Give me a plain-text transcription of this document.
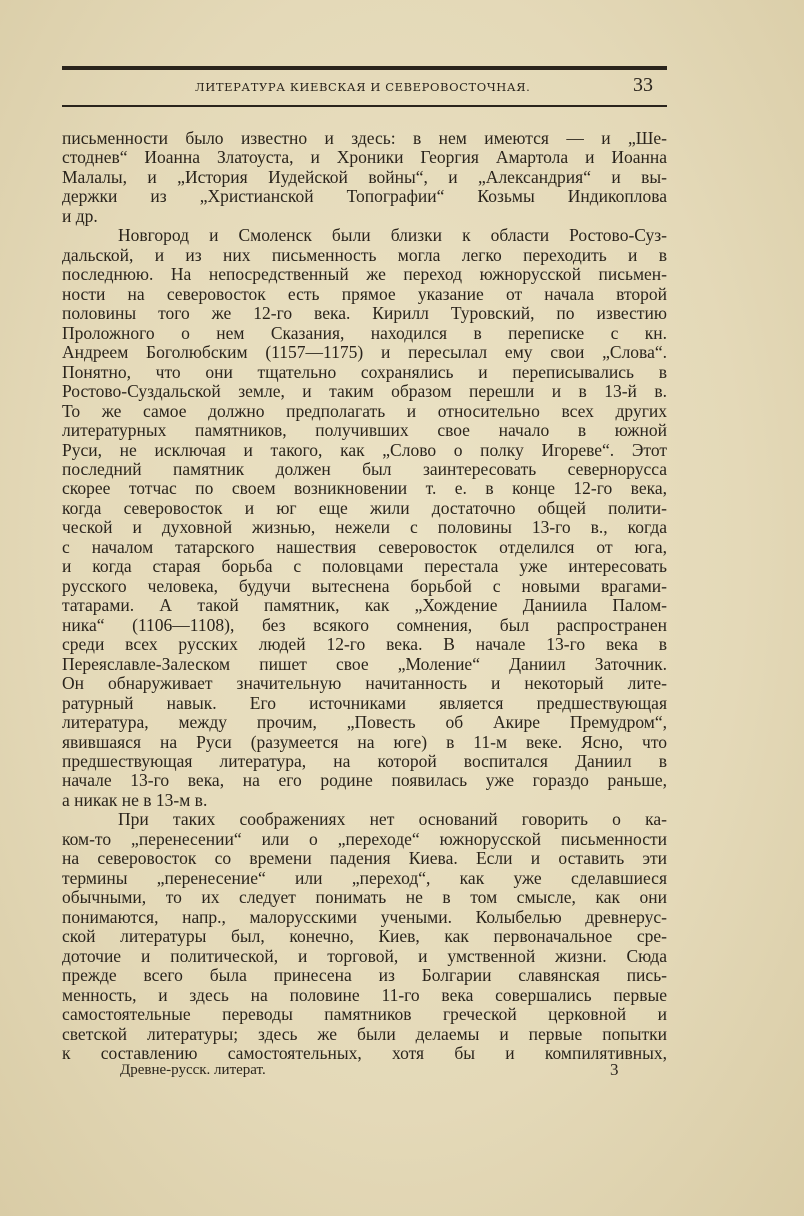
ЛИТЕРАТУРА КИЕВСКАЯ И СЕВЕРОВОСТОЧНАЯ.	33
письменности было известно и здесь: в нем имеются — и „Ше-
стоднев“ Иоанна Златоуста, и Хроники Георгия Амартола и Иоанна
Малалы, и „История Иудейской войны“, и „Александрия“ и вы-
держки из „Христианской Топографии“ Козьмы Индикоплова
и др.
Новгород и Смоленск были близки к области Ростово-Суз-
дальской, и из них письменность могла легко переходить и в
последнюю. На непосредственный же переход южнорусской письмен-
ности на северовосток есть прямое указание от начала второй
половины того же 12-го века. Кирилл Туровский, по известию
Проложного о нем Сказания, находился в переписке с кн.
Андреем Боголюбским (1157—1175) и пересылал ему свои „Слова“.
Понятно, что они тщательно сохранялись и переписывались в
Ростово-Суздальской земле, и таким образом перешли и в 13-й в.
То же самое должно предполагать и относительно всех других
литературных памятников, получивших свое начало в южной
Руси, не исключая и такого, как „Слово о полку Игореве“. Этот
последний памятник должен был заинтересовать севернорусса
скорее тотчас по своем возникновении т. е. в конце 12-го века,
когда северовосток и юг еще жили достаточно общей полити-
ческой и духовной жизнью, нежели с половины 13-го в., когда
с началом татарского нашествия северовосток отделился от юга,
и когда старая борьба с половцами перестала уже интересовать
русского человека, будучи вытеснена борьбой с новыми врагами-
татарами. А такой памятник, как „Хождение Даниила Палом-
ника“ (1106—1108), без всякого сомнения, был распространен
среди всех русских людей 12-го века. В начале 13-го века в
Переяславле-Залеском пишет свое „Моление“ Даниил Заточник.
Он обнаруживает значительную начитанность и некоторый лите-
ратурный навык. Его источниками является предшествующая
литература, между прочим, „Повесть об Акире Премудром“,
явившаяся на Руси (разумеется на юге) в 11-м веке. Ясно, что
предшествующая литература, на которой воспитался Даниил в
начале 13-го века, на его родине появилась уже гораздо раньше,
а никак не в 13-м в.
При таких соображениях нет оснований говорить о ка-
ком-то „перенесении“ или о „переходе“ южнорусской письменности
на северовосток со времени падения Киева. Если и оставить эти
термины „перенесение“ или „переход“, как уже сделавшиеся
обычными, то их следует понимать не в том смысле, как они
понимаются, напр., малорусскими учеными. Колыбелью древнерус-
ской литературы был, конечно, Киев, как первоначальное сре-
доточие и политической, и торговой, и умственной жизни. Сюда
прежде всего была принесена из Болгарии славянская пись-
менность, и здесь на половине 11-го века совершались первые
самостоятельные переводы памятников греческой церковной и
светской литературы; здесь же были делаемы и первые попытки
к составлению самостоятельных, хотя бы и компилятивных,
Древне-русск. литерат.	3
